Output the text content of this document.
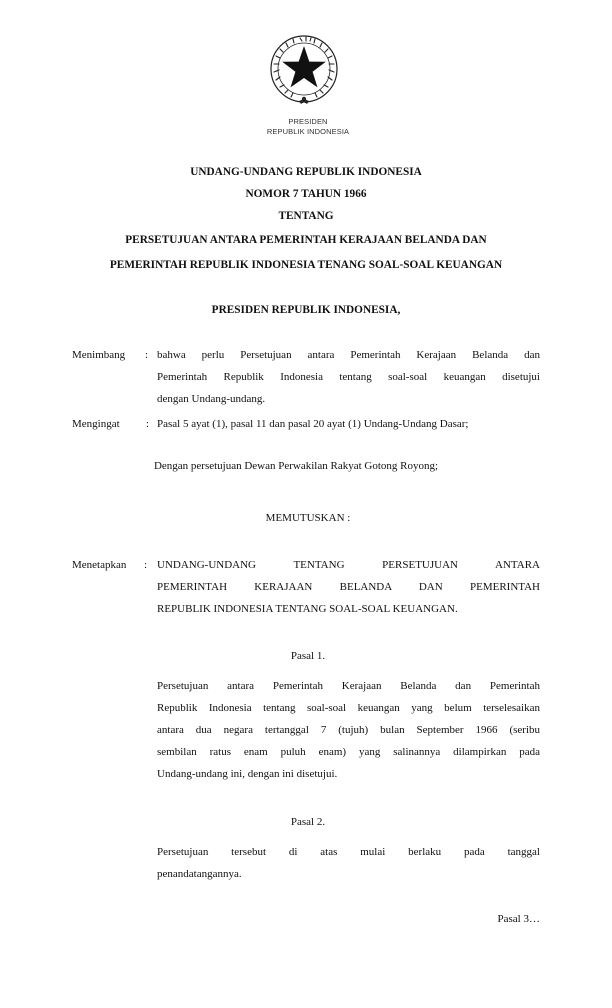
PRESIDEN
REPUBLIK INDONESIA
UNDANG-UNDANG REPUBLIK INDONESIA
NOMOR 7 TAHUN 1966
TENTANG
PERSETUJUAN ANTARA PEMERINTAH KERAJAAN BELANDA DAN
PEMERINTAH REPUBLIK INDONESIA TENANG SOAL-SOAL KEUANGAN
PRESIDEN REPUBLIK INDONESIA,
Menimbang : bahwa perlu Persetujuan antara Pemerintah Kerajaan Belanda dan
Pemerintah Republik Indonesia tentang soal-soal keuangan disetujui
dengan Undang-undang.
Mengingat : Pasal 5 ayat (1), pasal 11 dan pasal 20 ayat (1) Undang-Undang Dasar;
Dengan persetujuan Dewan Perwakilan Rakyat Gotong Royong;
MEMUTUSKAN :
Menetapkan : UNDANG-UNDANG TENTANG PERSETUJUAN ANTARA
PEMERINTAH KERAJAAN BELANDA DAN PEMERINTAH
REPUBLIK INDONESIA TENTANG SOAL-SOAL KEUANGAN.
Pasal 1.
Persetujuan antara Pemerintah Kerajaan Belanda dan Pemerintah
Republik Indonesia tentang soal-soal keuangan yang belum terselesaikan
antara dua negara tertanggal 7 (tujuh) bulan September 1966 (seribu
sembilan ratus enam puluh enam) yang salinannya dilampirkan pada
Undang-undang ini, dengan ini disetujui.
Pasal 2.
Persetujuan tersebut di atas mulai berlaku pada tanggal
penandatangannya.
Pasal 3…
